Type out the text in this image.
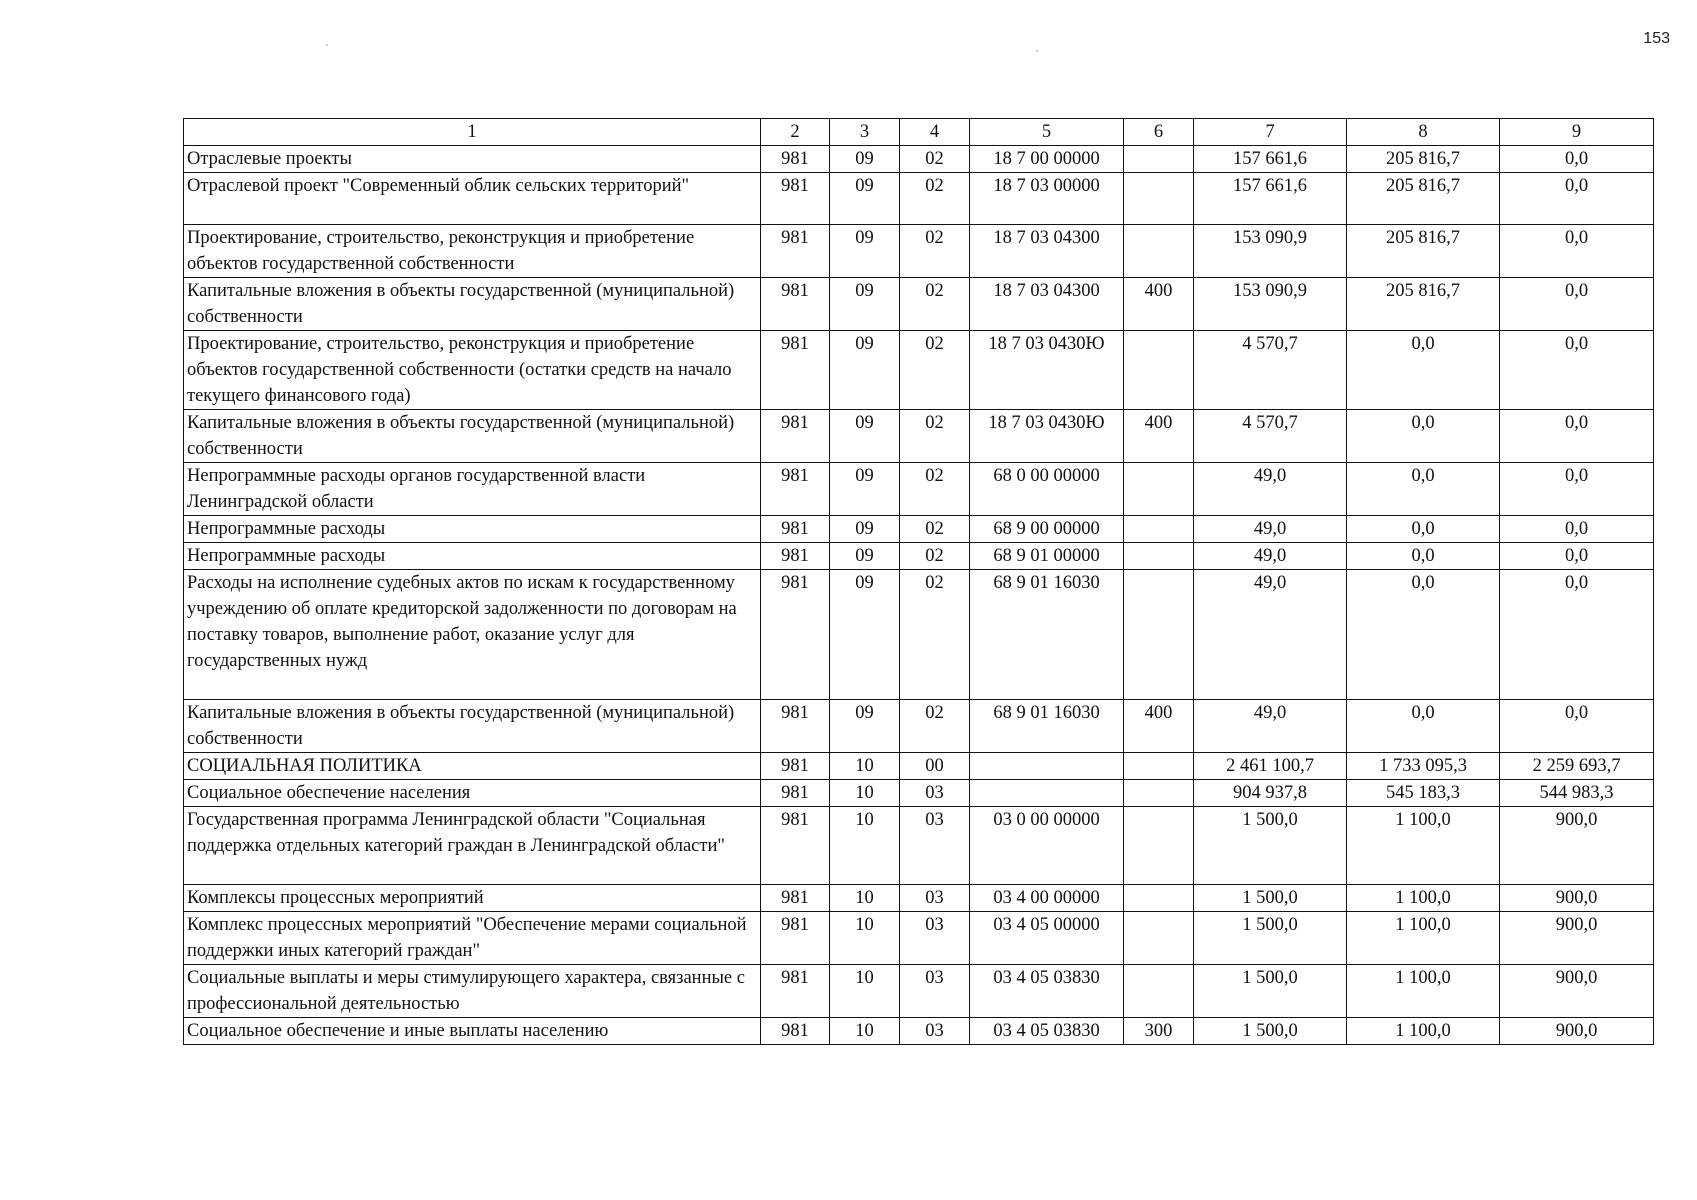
153
1	2	3	4	5	6	7	8	9
Отраслевые проекты	981	09	02	18 7 00 00000		157 661,6	205 816,7	0,0
Отраслевой проект "Современный облик сельских территорий"	981	09	02	18 7 03 00000		157 661,6	205 816,7	0,0
Проектирование, строительство, реконструкция и приобретение объектов государственной собственности	981	09	02	18 7 03 04300		153 090,9	205 816,7	0,0
Капитальные вложения в объекты государственной (муниципальной) собственности	981	09	02	18 7 03 04300	400	153 090,9	205 816,7	0,0
Проектирование, строительство, реконструкция и приобретение объектов государственной собственности (остатки средств на начало текущего финансового года)	981	09	02	18 7 03 0430Ю		4 570,7	0,0	0,0
Капитальные вложения в объекты государственной (муниципальной) собственности	981	09	02	18 7 03 0430Ю	400	4 570,7	0,0	0,0
Непрограммные расходы органов государственной власти Ленинградской области	981	09	02	68 0 00 00000		49,0	0,0	0,0
Непрограммные расходы	981	09	02	68 9 00 00000		49,0	0,0	0,0
Непрограммные расходы	981	09	02	68 9 01 00000		49,0	0,0	0,0
Расходы на исполнение судебных актов по искам к государственному учреждению об оплате кредиторской задолженности по договорам на поставку товаров, выполнение работ, оказание услуг для государственных нужд	981	09	02	68 9 01 16030		49,0	0,0	0,0
Капитальные вложения в объекты государственной (муниципальной) собственности	981	09	02	68 9 01 16030	400	49,0	0,0	0,0
СОЦИАЛЬНАЯ ПОЛИТИКА	981	10	00			2 461 100,7	1 733 095,3	2 259 693,7
Социальное обеспечение населения	981	10	03			904 937,8	545 183,3	544 983,3
Государственная программа Ленинградской области "Социальная поддержка отдельных категорий граждан в Ленинградской области"	981	10	03	03 0 00 00000		1 500,0	1 100,0	900,0
Комплексы процессных мероприятий	981	10	03	03 4 00 00000		1 500,0	1 100,0	900,0
Комплекс процессных мероприятий "Обеспечение мерами социальной поддержки иных категорий граждан"	981	10	03	03 4 05 00000		1 500,0	1 100,0	900,0
Социальные выплаты и меры стимулирующего характера, связанные с профессиональной деятельностью	981	10	03	03 4 05 03830		1 500,0	1 100,0	900,0
Социальное обеспечение и иные выплаты населению	981	10	03	03 4 05 03830	300	1 500,0	1 100,0	900,0
